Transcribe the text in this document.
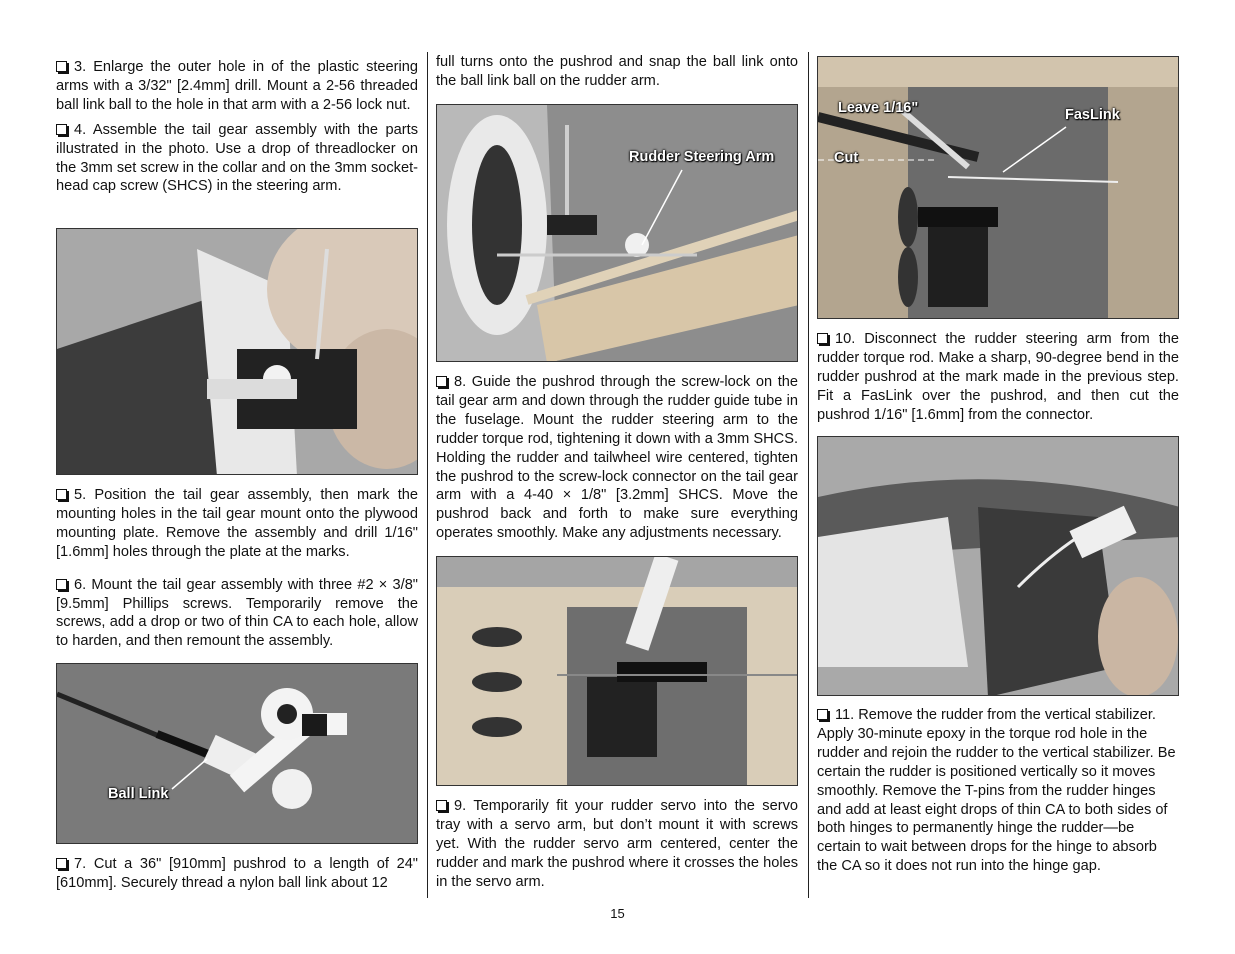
3. Enlarge the outer hole in of the plastic steering arms with a 3/32" [2.4mm] drill. Mount a 2-56 threaded ball link ball to the hole in that arm with a 2-56 lock nut.

4. Assemble the tail gear assembly with the parts illustrated in the photo. Use a drop of threadlocker on the 3mm set screw in the collar and on the 3mm socket-head cap screw (SHCS) in the steering arm.

5. Position the tail gear assembly, then mark the mounting holes in the tail gear mount onto the plywood mounting plate. Remove the assembly and drill 1/16" [1.6mm] holes through the plate at the marks.

6. Mount the tail gear assembly with three #2 × 3/8" [9.5mm] Phillips screws. Temporarily remove the screws, add a drop or two of thin CA to each hole, allow to harden, and then remount the assembly.

Ball Link

7. Cut a 36" [910mm] pushrod to a length of 24" [610mm]. Securely thread a nylon ball link about 12

full turns onto the pushrod and snap the ball link onto the ball link ball on the rudder arm.

Rudder Steering Arm

8. Guide the pushrod through the screw-lock on the tail gear arm and down through the rudder guide tube in the fuselage. Mount the rudder steering arm to the rudder torque rod, tightening it down with a 3mm SHCS. Holding the rudder and tailwheel wire centered, tighten the pushrod to the screw-lock connector on the tail gear arm with a 4-40 × 1/8" [3.2mm] SHCS. Move the pushrod back and forth to make sure everything operates smoothly. Make any adjustments necessary.

9. Temporarily fit your rudder servo into the servo tray with a servo arm, but don’t mount it with screws yet. With the rudder servo arm centered, center the rudder and mark the pushrod where it crosses the holes in the servo arm.

Leave 1/16"
Cut
FasLink

10. Disconnect the rudder steering arm from the rudder torque rod. Make a sharp, 90-degree bend in the rudder pushrod at the mark made in the previous step. Fit a FasLink over the pushrod, and then cut the pushrod 1/16" [1.6mm] from the connector.

11. Remove the rudder from the vertical stabilizer. Apply 30-minute epoxy in the torque rod hole in the rudder and rejoin the rudder to the vertical stabilizer. Be certain the rudder is positioned vertically so it moves smoothly. Remove the T-pins from the rudder hinges and add at least eight drops of thin CA to both sides of both hinges to permanently hinge the rudder—be certain to wait between drops for the hinge to absorb the CA so it does not run into the hinge gap.

15
